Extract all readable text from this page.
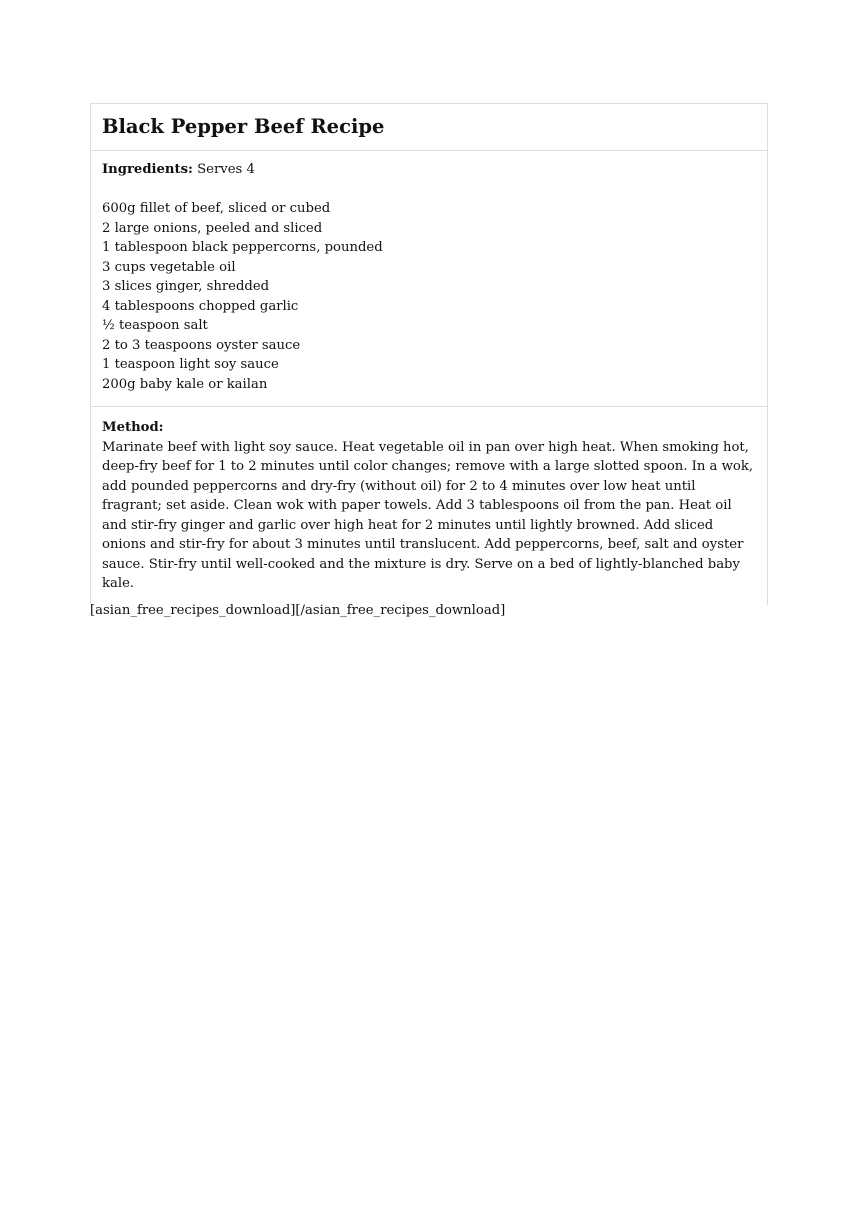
Black Pepper Beef Recipe
Ingredients: Serves 4
600g fillet of beef, sliced or cubed
2 large onions, peeled and sliced
1 tablespoon black peppercorns, pounded
3 cups vegetable oil
3 slices ginger, shredded
4 tablespoons chopped garlic
½ teaspoon salt
2 to 3 teaspoons oyster sauce
1 teaspoon light soy sauce
200g baby kale or kailan
Method:

Marinate beef with light soy sauce. Heat vegetable oil in pan over high heat. When smoking hot, deep-fry beef for 1 to 2 minutes until color changes; remove with a large slotted spoon. In a wok, add pounded peppercorns and dry-fry (without oil) for 2 to 4 minutes over low heat until fragrant; set aside. Clean wok with paper towels. Add 3 tablespoons oil from the pan. Heat oil and stir-fry ginger and garlic over high heat for 2 minutes until lightly browned. Add sliced onions and stir-fry for about 3 minutes until translucent. Add peppercorns, beef, salt and oyster sauce. Stir-fry until well-cooked and the mixture is dry. Serve on a bed of lightly-blanched baby kale.

[asian_free_recipes_download][/asian_free_recipes_download]
